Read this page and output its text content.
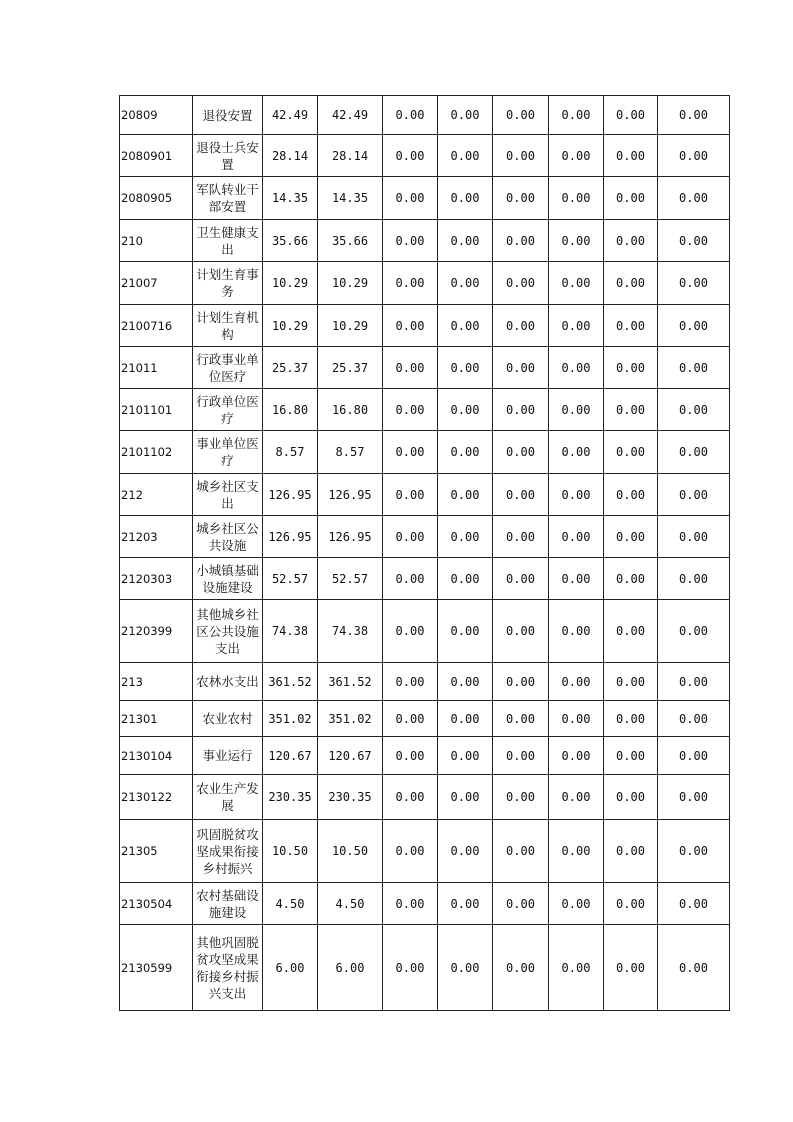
20809	退役安置	42.49	42.49	0.00	0.00	0.00	0.00	0.00	0.00
2080901	退役士兵安置	28.14	28.14	0.00	0.00	0.00	0.00	0.00	0.00
2080905	军队转业干部安置	14.35	14.35	0.00	0.00	0.00	0.00	0.00	0.00
210	卫生健康支出	35.66	35.66	0.00	0.00	0.00	0.00	0.00	0.00
21007	计划生育事务	10.29	10.29	0.00	0.00	0.00	0.00	0.00	0.00
2100716	计划生育机构	10.29	10.29	0.00	0.00	0.00	0.00	0.00	0.00
21011	行政事业单位医疗	25.37	25.37	0.00	0.00	0.00	0.00	0.00	0.00
2101101	行政单位医疗	16.80	16.80	0.00	0.00	0.00	0.00	0.00	0.00
2101102	事业单位医疗	8.57	8.57	0.00	0.00	0.00	0.00	0.00	0.00
212	城乡社区支出	126.95	126.95	0.00	0.00	0.00	0.00	0.00	0.00
21203	城乡社区公共设施	126.95	126.95	0.00	0.00	0.00	0.00	0.00	0.00
2120303	小城镇基础设施建设	52.57	52.57	0.00	0.00	0.00	0.00	0.00	0.00
2120399	其他城乡社区公共设施支出	74.38	74.38	0.00	0.00	0.00	0.00	0.00	0.00
213	农林水支出	361.52	361.52	0.00	0.00	0.00	0.00	0.00	0.00
21301	农业农村	351.02	351.02	0.00	0.00	0.00	0.00	0.00	0.00
2130104	事业运行	120.67	120.67	0.00	0.00	0.00	0.00	0.00	0.00
2130122	农业生产发展	230.35	230.35	0.00	0.00	0.00	0.00	0.00	0.00
21305	巩固脱贫攻坚成果衔接乡村振兴	10.50	10.50	0.00	0.00	0.00	0.00	0.00	0.00
2130504	农村基础设施建设	4.50	4.50	0.00	0.00	0.00	0.00	0.00	0.00
2130599	其他巩固脱贫攻坚成果衔接乡村振兴支出	6.00	6.00	0.00	0.00	0.00	0.00	0.00	0.00
